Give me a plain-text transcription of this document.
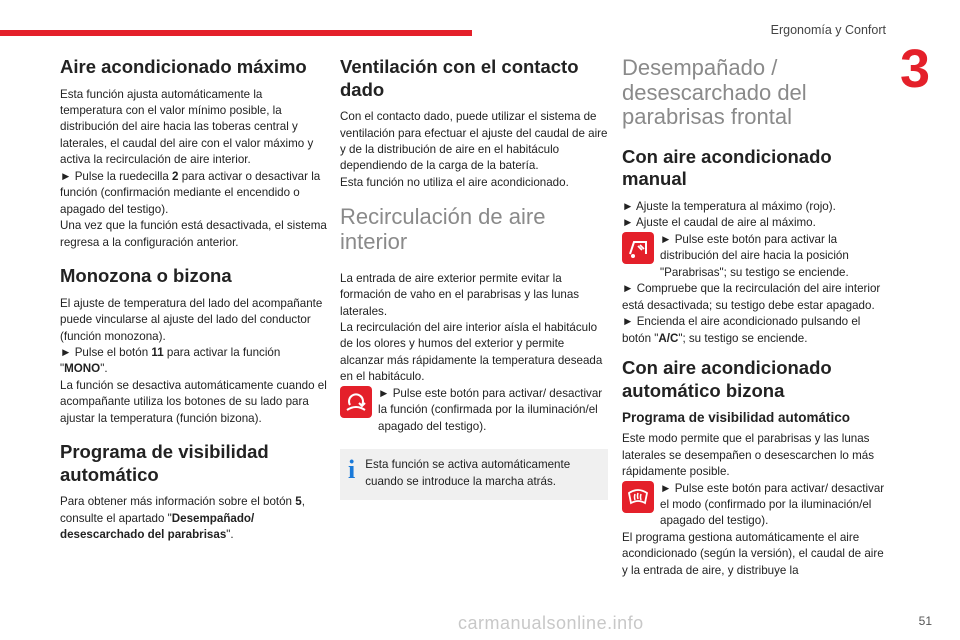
Ergonomía y Confort
3
Aire acondicionado máximo

Esta función ajusta automáticamente la temperatura con el valor mínimo posible, la distribución del aire hacia las toberas central y laterales, el caudal del aire con el valor máximo y activa la recirculación de aire interior.

► Pulse la ruedecilla 2 para activar o desactivar la función (confirmación mediante el encendido o apagado del testigo).

Una vez que la función está desactivada, el sistema regresa a la configuración anterior.

Monozona o bizona

El ajuste de temperatura del lado del acompañante puede vincularse al ajuste del lado del conductor (función monozona).

► Pulse el botón 11 para activar la función "MONO".

La función se desactiva automáticamente cuando el acompañante utiliza los botones de su lado para ajustar la temperatura (función bizona).

Programa de visibilidad automático

Para obtener más información sobre el botón 5, consulte el apartado "Desempañado/ desescarchado del parabrisas".

Ventilación con el contacto dado

Con el contacto dado, puede utilizar el sistema de ventilación para efectuar el ajuste del caudal de aire y de la distribución de aire en el habitáculo dependiendo de la carga de la batería.

Esta función no utiliza el aire acondicionado.

Recirculación de aire interior

La entrada de aire exterior permite evitar la formación de vaho en el parabrisas y las lunas laterales.

La recirculación del aire interior aísla el habitáculo de los olores y humos del exterior y permite alcanzar más rápidamente la temperatura deseada en el habitáculo.

► Pulse este botón para activar/ desactivar la función (confirmada por la iluminación/el apagado del testigo).

i Esta función se activa automáticamente cuando se introduce la marcha atrás.

Desempañado / desescarchado del parabrisas frontal
Con aire acondicionado manual

► Ajuste la temperatura al máximo (rojo).

► Ajuste el caudal de aire al máximo.

► Pulse este botón para activar la distribución del aire hacia la posición "Parabrisas"; su testigo se enciende.

► Compruebe que la recirculación del aire interior está desactivada; su testigo debe estar apagado.

► Encienda el aire acondicionado pulsando el botón "A/C"; su testigo se enciende.

Con aire acondicionado automático bizona
Programa de visibilidad automático

Este modo permite que el parabrisas y las lunas laterales se desempañen o desescarchen lo más rápidamente posible.

► Pulse este botón para activar/ desactivar el modo (confirmado por la iluminación/el apagado del testigo).

El programa gestiona automáticamente el aire acondicionado (según la versión), el caudal de aire y la entrada de aire, y distribuye la

carmanualsonline.info	51
